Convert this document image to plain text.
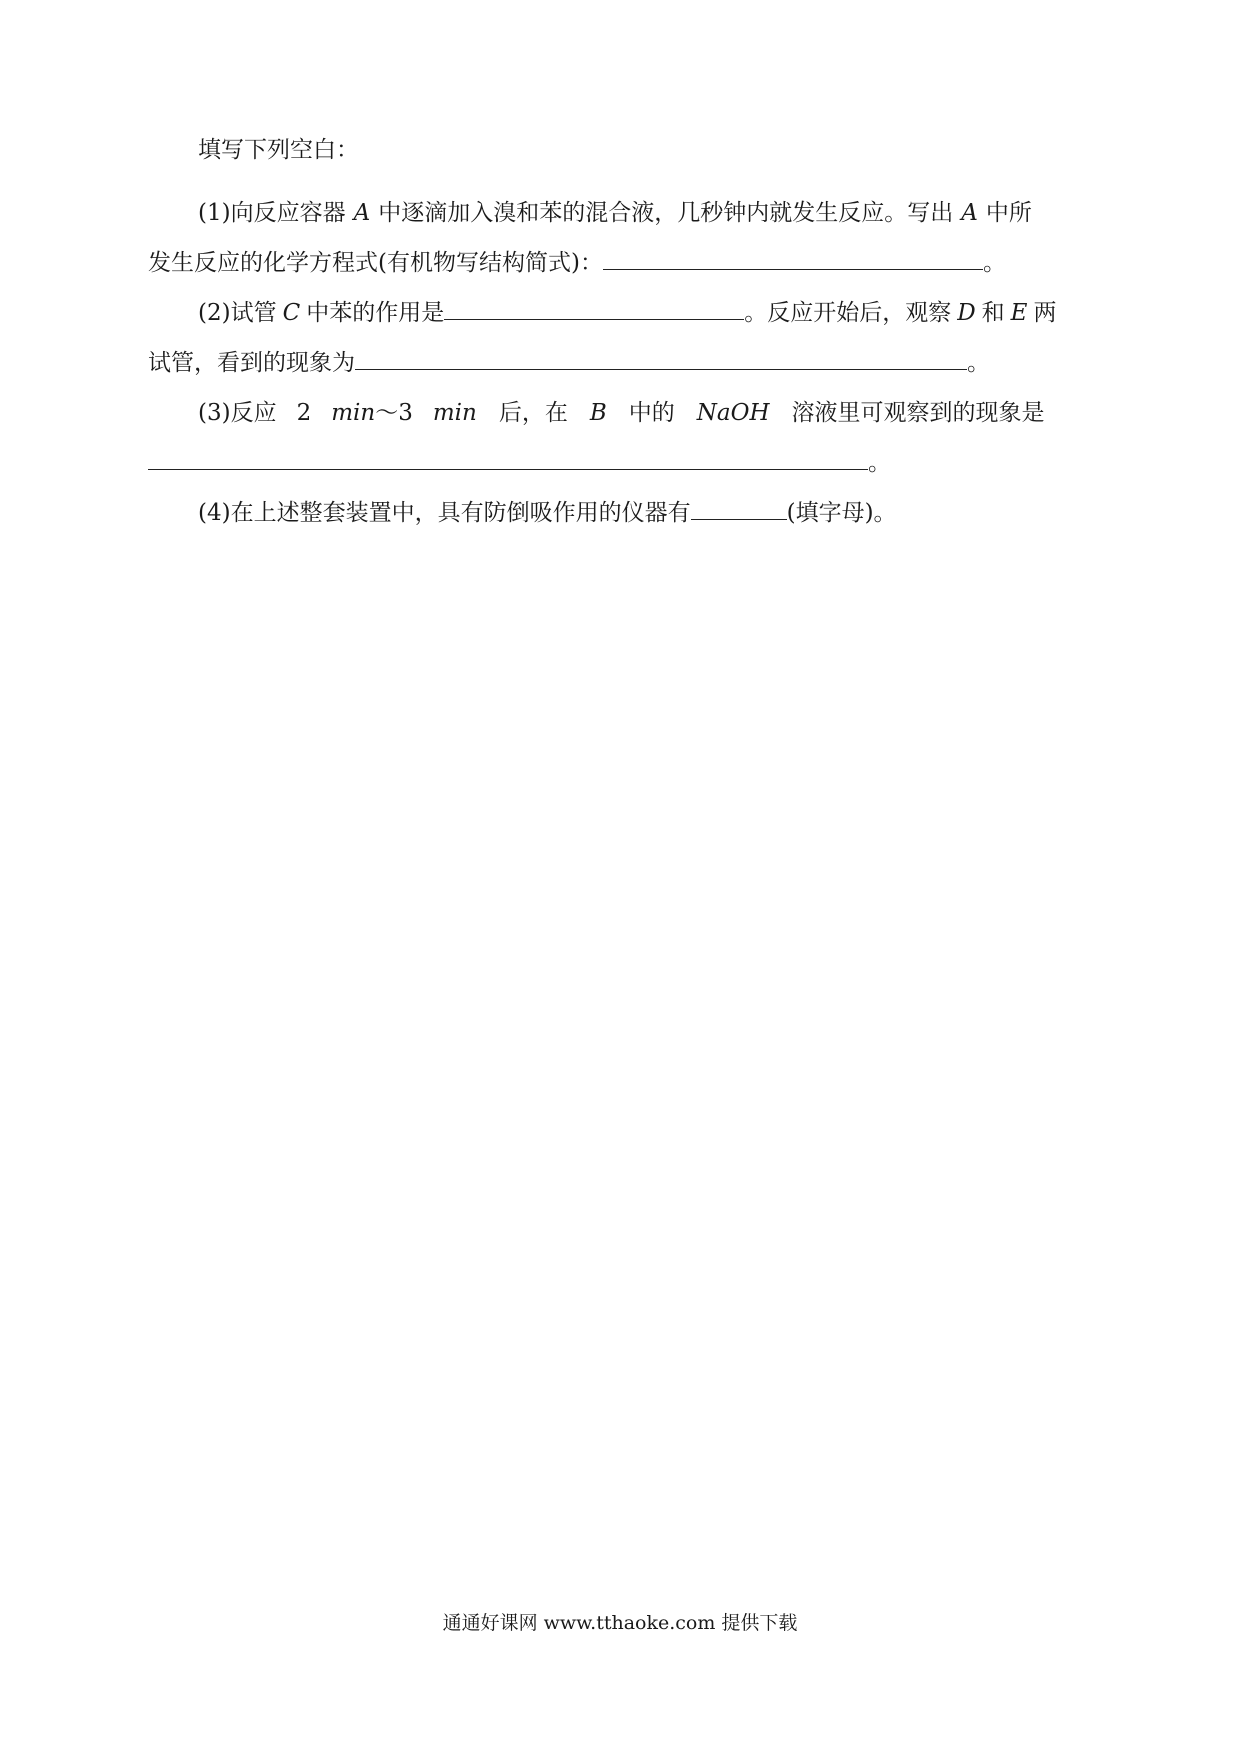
填写下列空白：
(1)向反应容器 A 中逐滴加入溴和苯的混合液，几秒钟内就发生反应。写出 A 中所
发生反应的化学方程式(有机物写结构简式)：	。
(2)试管 C 中苯的作用是	。反应开始后，观察 D 和 E 两
试管，看到的现象为	。
(3)反应 2 min～3 min 后，在 B 中的 NaOH 溶液里可观察到的现象是
。
(4)在上述整套装置中，具有防倒吸作用的仪器有	(填字母)。
通通好课网 www.tthaoke.com 提供下载
